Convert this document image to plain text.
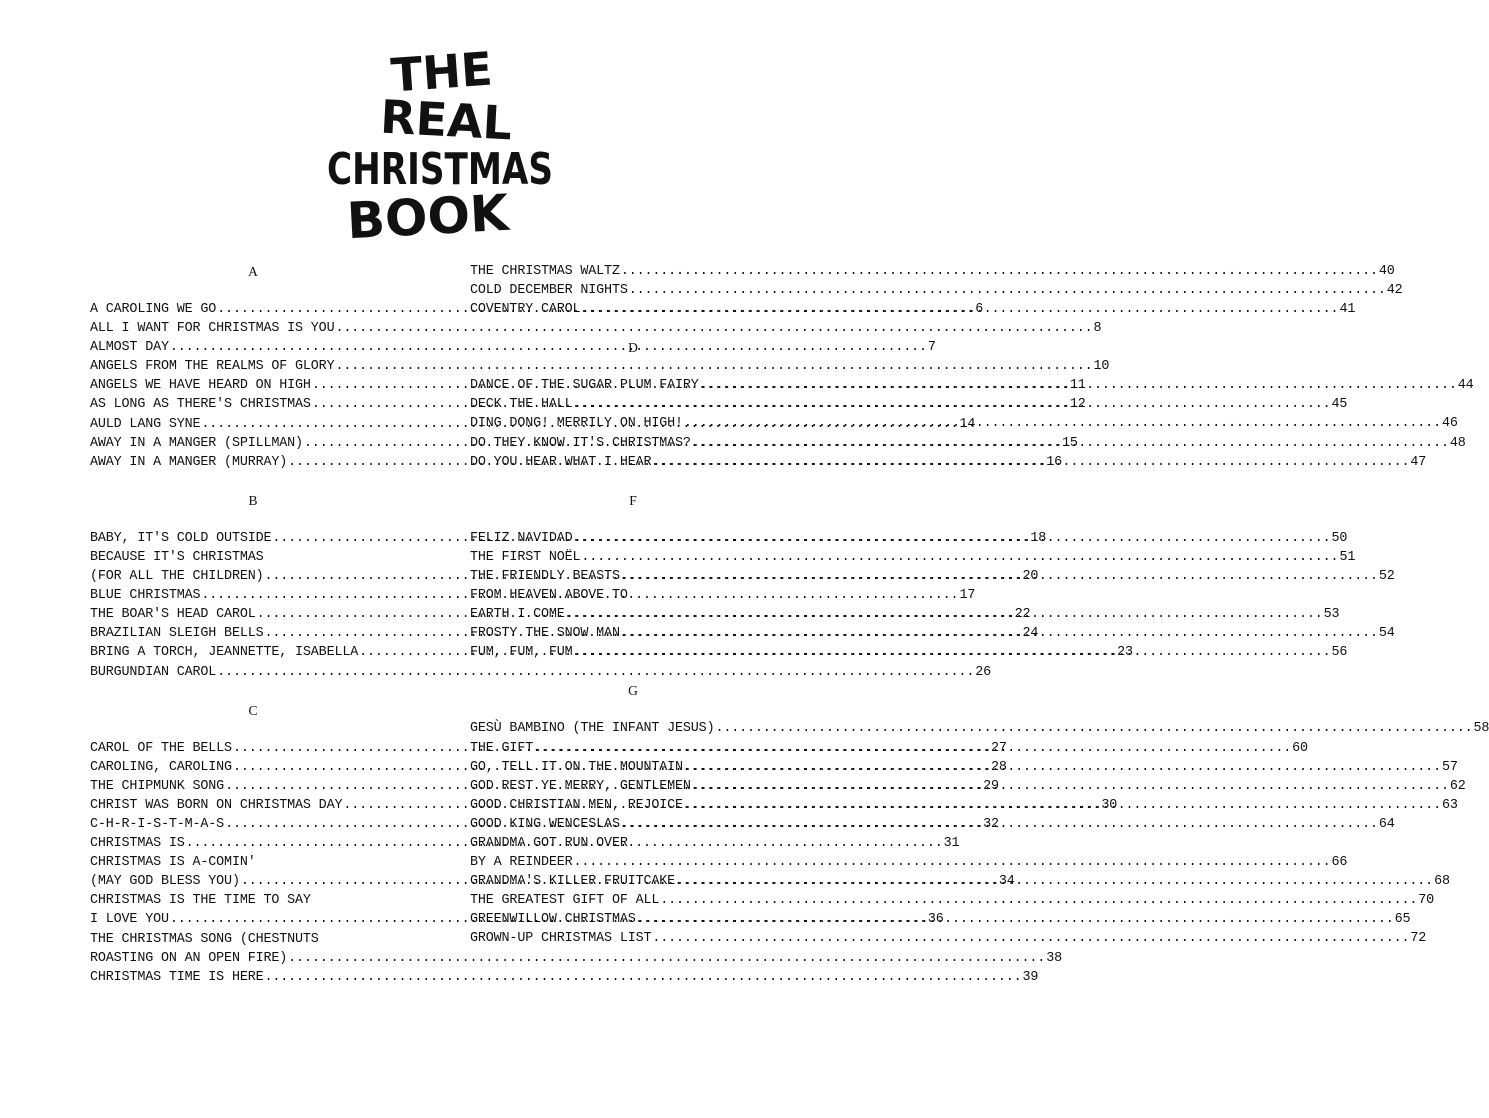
THE
REAL
CHRISTMAS
BOOK
A
A CAROLING WE GO .....	6
ALL I WANT FOR CHRISTMAS IS YOU .....	8
ALMOST DAY .....	7
ANGELS FROM THE REALMS OF GLORY .....	10
ANGELS WE HAVE HEARD ON HIGH .....	11
AS LONG AS THERE'S CHRISTMAS .....	12
AULD LANG SYNE .....	14
AWAY IN A MANGER (SPILLMAN) .....	15
AWAY IN A MANGER (MURRAY) .....	16
B
BABY, IT'S COLD OUTSIDE .....	18
BECAUSE IT'S CHRISTMAS
(FOR ALL THE CHILDREN) .....	20
BLUE CHRISTMAS .....	17
THE BOAR'S HEAD CAROL .....	22
BRAZILIAN SLEIGH BELLS .....	24
BRING A TORCH, JEANNETTE, ISABELLA .....	23
BURGUNDIAN CAROL .....	26
C
CAROL OF THE BELLS .....	27
CAROLING, CAROLING .....	28
THE CHIPMUNK SONG .....	29
CHRIST WAS BORN ON CHRISTMAS DAY .....	30
C-H-R-I-S-T-M-A-S .....	32
CHRISTMAS IS .....	31
CHRISTMAS IS A-COMIN'
(MAY GOD BLESS YOU) .....	34
CHRISTMAS IS THE TIME TO SAY
I LOVE YOU .....	36
THE CHRISTMAS SONG (CHESTNUTS
ROASTING ON AN OPEN FIRE) .....	38
CHRISTMAS TIME IS HERE .....	39
THE CHRISTMAS WALTZ .....	40
COLD DECEMBER NIGHTS .....	42
COVENTRY CAROL .....	41
D
DANCE OF THE SUGAR PLUM FAIRY .....	44
DECK THE HALL .....	45
DING DONG! MERRILY ON HIGH! .....	46
DO THEY KNOW IT'S CHRISTMAS? .....	48
DO YOU HEAR WHAT I HEAR .....	47
F
FELIZ NAVIDAD .....	50
THE FIRST NOËL .....	51
THE FRIENDLY BEASTS .....	52
FROM HEAVEN ABOVE TO
EARTH I COME .....	53
FROSTY THE SNOW MAN .....	54
FUM, FUM, FUM .....	56
G
GESÙ BAMBINO (THE INFANT JESUS) .....	58
THE GIFT .....	60
GO, TELL IT ON THE MOUNTAIN .....	57
GOD REST YE MERRY, GENTLEMEN .....	62
GOOD CHRISTIAN MEN, REJOICE .....	63
GOOD KING WENCESLAS .....	64
GRANDMA GOT RUN OVER
BY A REINDEER .....	66
GRANDMA'S KILLER FRUITCAKE .....	68
THE GREATEST GIFT OF ALL .....	70
GREENWILLOW CHRISTMAS .....	65
GROWN-UP CHRISTMAS LIST .....	72
